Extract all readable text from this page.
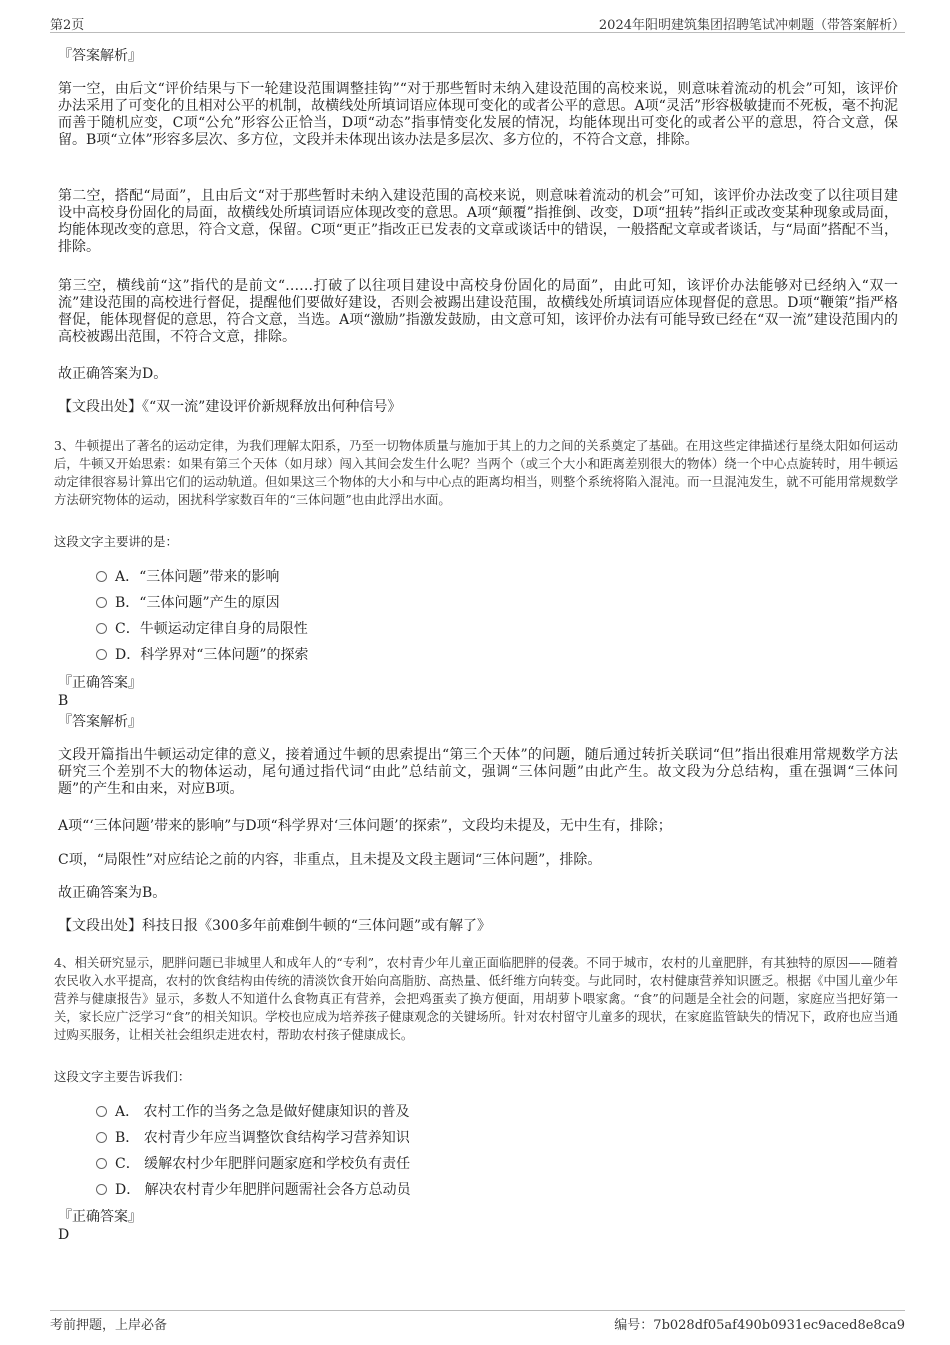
第2页	2024年阳明建筑集团招聘笔试冲刺题（带答案解析）
『答案解析』

第一空，由后文“评价结果与下一轮建设范围调整挂钩”“对于那些暂时未纳入建设范围的高校来说，则意味着流动的机会”可知，该评价办法采用了可变化的且相对公平的机制，故横线处所填词语应体现可变化的或者公平的意思。A项“灵活”形容极敏捷而不死板，毫不拘泥而善于随机应变，C项“公允”形容公正恰当，D项“动态”指事情变化发展的情况，均能体现出可变化的或者公平的意思，符合文意，保留。B项“立体”形容多层次、多方位，文段并未体现出该办法是多层次、多方位的，不符合文意，排除。

第二空，搭配“局面”，且由后文“对于那些暂时未纳入建设范围的高校来说，则意味着流动的机会”可知，该评价办法改变了以往项目建设中高校身份固化的局面，故横线处所填词语应体现改变的意思。A项“颠覆”指推倒、改变，D项“扭转”指纠正或改变某种现象或局面，均能体现改变的意思，符合文意，保留。C项“更正”指改正已发表的文章或谈话中的错误，一般搭配文章或者谈话，与“局面”搭配不当，排除。

第三空，横线前“这”指代的是前文“……打破了以往项目建设中高校身份固化的局面”，由此可知，该评价办法能够对已经纳入“双一流”建设范围的高校进行督促，提醒他们要做好建设，否则会被踢出建设范围，故横线处所填词语应体现督促的意思。D项“鞭策”指严格督促，能体现督促的意思，符合文意，当选。A项“激励”指激发鼓励，由文意可知，该评价办法有可能导致已经在“双一流”建设范围内的高校被踢出范围，不符合文意，排除。

故正确答案为D。
【文段出处】《“双一流”建设评价新规释放出何种信号》

3、牛顿提出了著名的运动定律，为我们理解太阳系，乃至一切物体质量与施加于其上的力之间的关系奠定了基础。在用这些定律描述行星绕太阳如何运动后，牛顿又开始思索：如果有第三个天体（如月球）闯入其间会发生什么呢？当两个（或三个大小和距离差别很大的物体）绕一个中心点旋转时，用牛顿运动定律很容易计算出它们的运动轨道。但如果这三个物体的大小和与中心点的距离均相当，则整个系统将陷入混沌。而一旦混沌发生，就不可能用常规数学方法研究物体的运动，困扰科学家数百年的“三体问题”也由此浮出水面。

这段文字主要讲的是：
A．“三体问题”带来的影响
B．“三体问题”产生的原因
C．牛顿运动定律自身的局限性
D．科学界对“三体问题”的探索
『正确答案』
B
『答案解析』

文段开篇指出牛顿运动定律的意义，接着通过牛顿的思索提出“第三个天体”的问题，随后通过转折关联词“但”指出很难用常规数学方法研究三个差别不大的物体运动，尾句通过指代词“由此”总结前文，强调“三体问题”由此产生。故文段为分总结构，重在强调“三体问题”的产生和由来，对应B项。

A项“‘三体问题’带来的影响”与D项“科学界对‘三体问题’的探索”，文段均未提及，无中生有，排除；
C项，“局限性”对应结论之前的内容，非重点，且未提及文段主题词“三体问题”，排除。
故正确答案为B。
【文段出处】科技日报《300多年前难倒牛顿的“三体问题”或有解了》

4、相关研究显示，肥胖问题已非城里人和成年人的“专利”，农村青少年儿童正面临肥胖的侵袭。不同于城市，农村的儿童肥胖，有其独特的原因——随着农民收入水平提高，农村的饮食结构由传统的清淡饮食开始向高脂肪、高热量、低纤维方向转变。与此同时，农村健康营养知识匮乏。根据《中国儿童少年营养与健康报告》显示，多数人不知道什么食物真正有营养，会把鸡蛋卖了换方便面，用胡萝卜喂家禽。“食”的问题是全社会的问题，家庭应当把好第一关，家长应广泛学习“食”的相关知识。学校也应成为培养孩子健康观念的关键场所。针对农村留守儿童多的现状，在家庭监管缺失的情况下，政府也应当通过购买服务，让相关社会组织走进农村，帮助农村孩子健康成长。

这段文字主要告诉我们：
A． 农村工作的当务之急是做好健康知识的普及
B． 农村青少年应当调整饮食结构学习营养知识
C． 缓解农村少年肥胖问题家庭和学校负有责任
D． 解决农村青少年肥胖问题需社会各方总动员
『正确答案』
D
考前押题，上岸必备	编号：7b028df05af490b0931ec9aced8e8ca9
